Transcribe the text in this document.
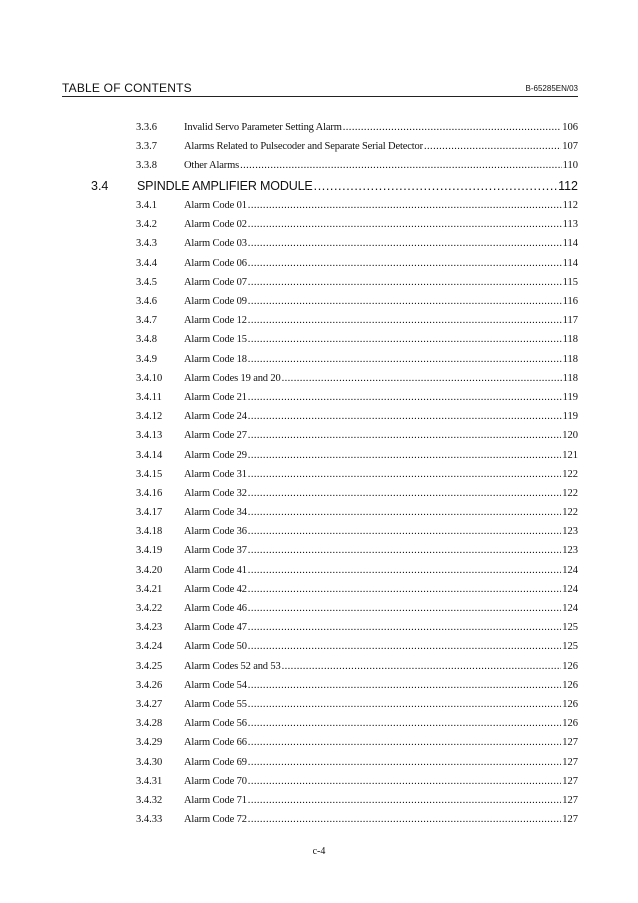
TABLE OF CONTENTS	B-65285EN/03
3.3.6	Invalid Servo Parameter Setting Alarm .....	106
3.3.7	Alarms Related to Pulsecoder and Separate Serial Detector .....	107
3.3.8	Other Alarms .....	110
3.4 SPINDLE AMPLIFIER MODULE .....	112
3.4.1	Alarm Code 01 .....	112
3.4.2	Alarm Code 02 .....	113
3.4.3	Alarm Code 03 .....	114
3.4.4	Alarm Code 06 .....	114
3.4.5	Alarm Code 07 .....	115
3.4.6	Alarm Code 09 .....	116
3.4.7	Alarm Code 12 .....	117
3.4.8	Alarm Code 15 .....	118
3.4.9	Alarm Code 18 .....	118
3.4.10 Alarm Codes 19 and 20 .....	118
3.4.11 Alarm Code 21 .....	119
3.4.12 Alarm Code 24 .....	119
3.4.13 Alarm Code 27 .....	120
3.4.14 Alarm Code 29 .....	121
3.4.15 Alarm Code 31 .....	122
3.4.16 Alarm Code 32 .....	122
3.4.17 Alarm Code 34 .....	122
3.4.18 Alarm Code 36 .....	123
3.4.19 Alarm Code 37 .....	123
3.4.20 Alarm Code 41 .....	124
3.4.21 Alarm Code 42 .....	124
3.4.22 Alarm Code 46 .....	124
3.4.23 Alarm Code 47 .....	125
3.4.24 Alarm Code 50 .....	125
3.4.25 Alarm Codes 52 and 53 .....	126
3.4.26 Alarm Code 54 .....	126
3.4.27 Alarm Code 55 .....	126
3.4.28 Alarm Code 56 .....	126
3.4.29 Alarm Code 66 .....	127
3.4.30 Alarm Code 69 .....	127
3.4.31 Alarm Code 70 .....	127
3.4.32 Alarm Code 71 .....	127
3.4.33 Alarm Code 72 .....	127
c-4
